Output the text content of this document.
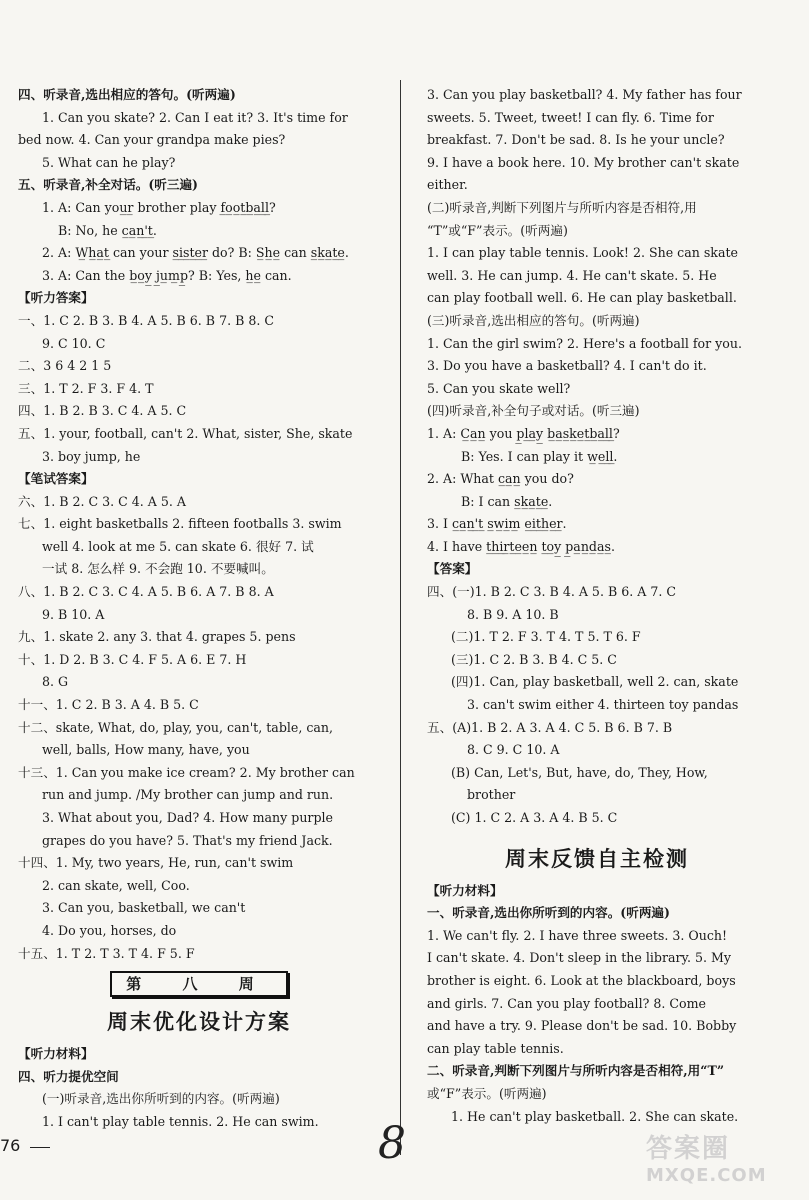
四、听录音,选出相应的答句。(听两遍)
1. Can you skate? 2. Can I eat it? 3. It's time for
bed now. 4. Can your grandpa make pies?
5. What can he play?
五、听录音,补全对话。(听三遍)
1. A: Can you̲r̲ brother play f̲o̲o̲t̲b̲a̲l̲l̲?
B: No, he c̲a̲n̲'̲t̲.
2. A: W̲h̲a̲t̲ can your s̲i̲s̲t̲e̲r̲ do? B: S̲h̲e̲ can s̲k̲a̲t̲e̲.
3. A: Can the b̲o̲y̲ j̲u̲m̲p̲? B: Yes, h̲e̲ can.
【听力答案】
一、1. C 2. B 3. B 4. A 5. B 6. B 7. B 8. C
9. C 10. C
二、3 6 4 2 1 5
三、1. T 2. F 3. F 4. T
四、1. B 2. B 3. C 4. A 5. C
五、1. your, football, can't 2. What, sister, She, skate
3. boy jump, he
【笔试答案】
六、1. B 2. C 3. C 4. A 5. A
七、1. eight basketballs 2. fifteen footballs 3. swim
well 4. look at me 5. can skate 6. 很好 7. 试
一试 8. 怎么样 9. 不会跑 10. 不要喊叫。
八、1. B 2. C 3. C 4. A 5. B 6. A 7. B 8. A
9. B 10. A
九、1. skate 2. any 3. that 4. grapes 5. pens
十、1. D 2. B 3. C 4. F 5. A 6. E 7. H
8. G
十一、1. C 2. B 3. A 4. B 5. C
十二、skate, What, do, play, you, can't, table, can,
well, balls, How many, have, you
十三、1. Can you make ice cream? 2. My brother can
run and jump. /My brother can jump and run.
3. What about you, Dad? 4. How many purple
grapes do you have? 5. That's my friend Jack.
十四、1. My, two years, He, run, can't swim
2. can skate, well, Coo.
3. Can you, basketball, we can't
4. Do you, horses, do
十五、1. T 2. T 3. T 4. F 5. F
第 八 周
周末优化设计方案
【听力材料】
四、听力提优空间
(一)听录音,选出你所听到的内容。(听两遍)
1. I can't play table tennis. 2. He can swim.
3. Can you play basketball? 4. My father has four
sweets. 5. Tweet, tweet! I can fly. 6. Time for
breakfast. 7. Don't be sad. 8. Is he your uncle?
9. I have a book here. 10. My brother can't skate
either.
(二)听录音,判断下列图片与所听内容是否相符,用
“T”或“F”表示。(听两遍)
1. I can play table tennis. Look! 2. She can skate
well. 3. He can jump. 4. He can't skate. 5. He
can play football well. 6. He can play basketball.
(三)听录音,选出相应的答句。(听两遍)
1. Can the girl swim? 2. Here's a football for you.
3. Do you have a basketball? 4. I can't do it.
5. Can you skate well?
(四)听录音,补全句子或对话。(听三遍)
1. A: C̲a̲n̲ you p̲l̲a̲y̲ b̲a̲s̲k̲e̲t̲b̲a̲l̲l̲?
B: Yes. I can play it w̲e̲l̲l̲.
2. A: What c̲a̲n̲ you do?
B: I can s̲k̲a̲t̲e̲.
3. I c̲a̲n̲'̲t̲ s̲w̲i̲m̲ e̲i̲t̲h̲e̲r̲.
4. I have t̲h̲i̲r̲t̲e̲e̲n̲ t̲o̲y̲ p̲a̲n̲d̲a̲s̲.
【答案】
四、(一)1. B 2. C 3. B 4. A 5. B 6. A 7. C
8. B 9. A 10. B
(二)1. T 2. F 3. T 4. T 5. T 6. F
(三)1. C 2. B 3. B 4. C 5. C
(四)1. Can, play basketball, well 2. can, skate
3. can't swim either 4. thirteen toy pandas
五、(A)1. B 2. A 3. A 4. C 5. B 6. B 7. B
8. C 9. C 10. A
(B) Can, Let's, But, have, do, They, How,
brother
(C) 1. C 2. A 3. A 4. B 5. C
周末反馈自主检测
【听力材料】
一、听录音,选出你所听到的内容。(听两遍)
1. We can't fly. 2. I have three sweets. 3. Ouch!
I can't skate. 4. Don't sleep in the library. 5. My
brother is eight. 6. Look at the blackboard, boys
and girls. 7. Can you play football? 8. Come
and have a try. 9. Please don't be sad. 10. Bobby
can play table tennis.
二、听录音,判断下列图片与所听内容是否相符,用“T”
或“F”表示。(听两遍)
1. He can't play basketball. 2. She can skate.
76	8	答案圈
MXQE.COM
